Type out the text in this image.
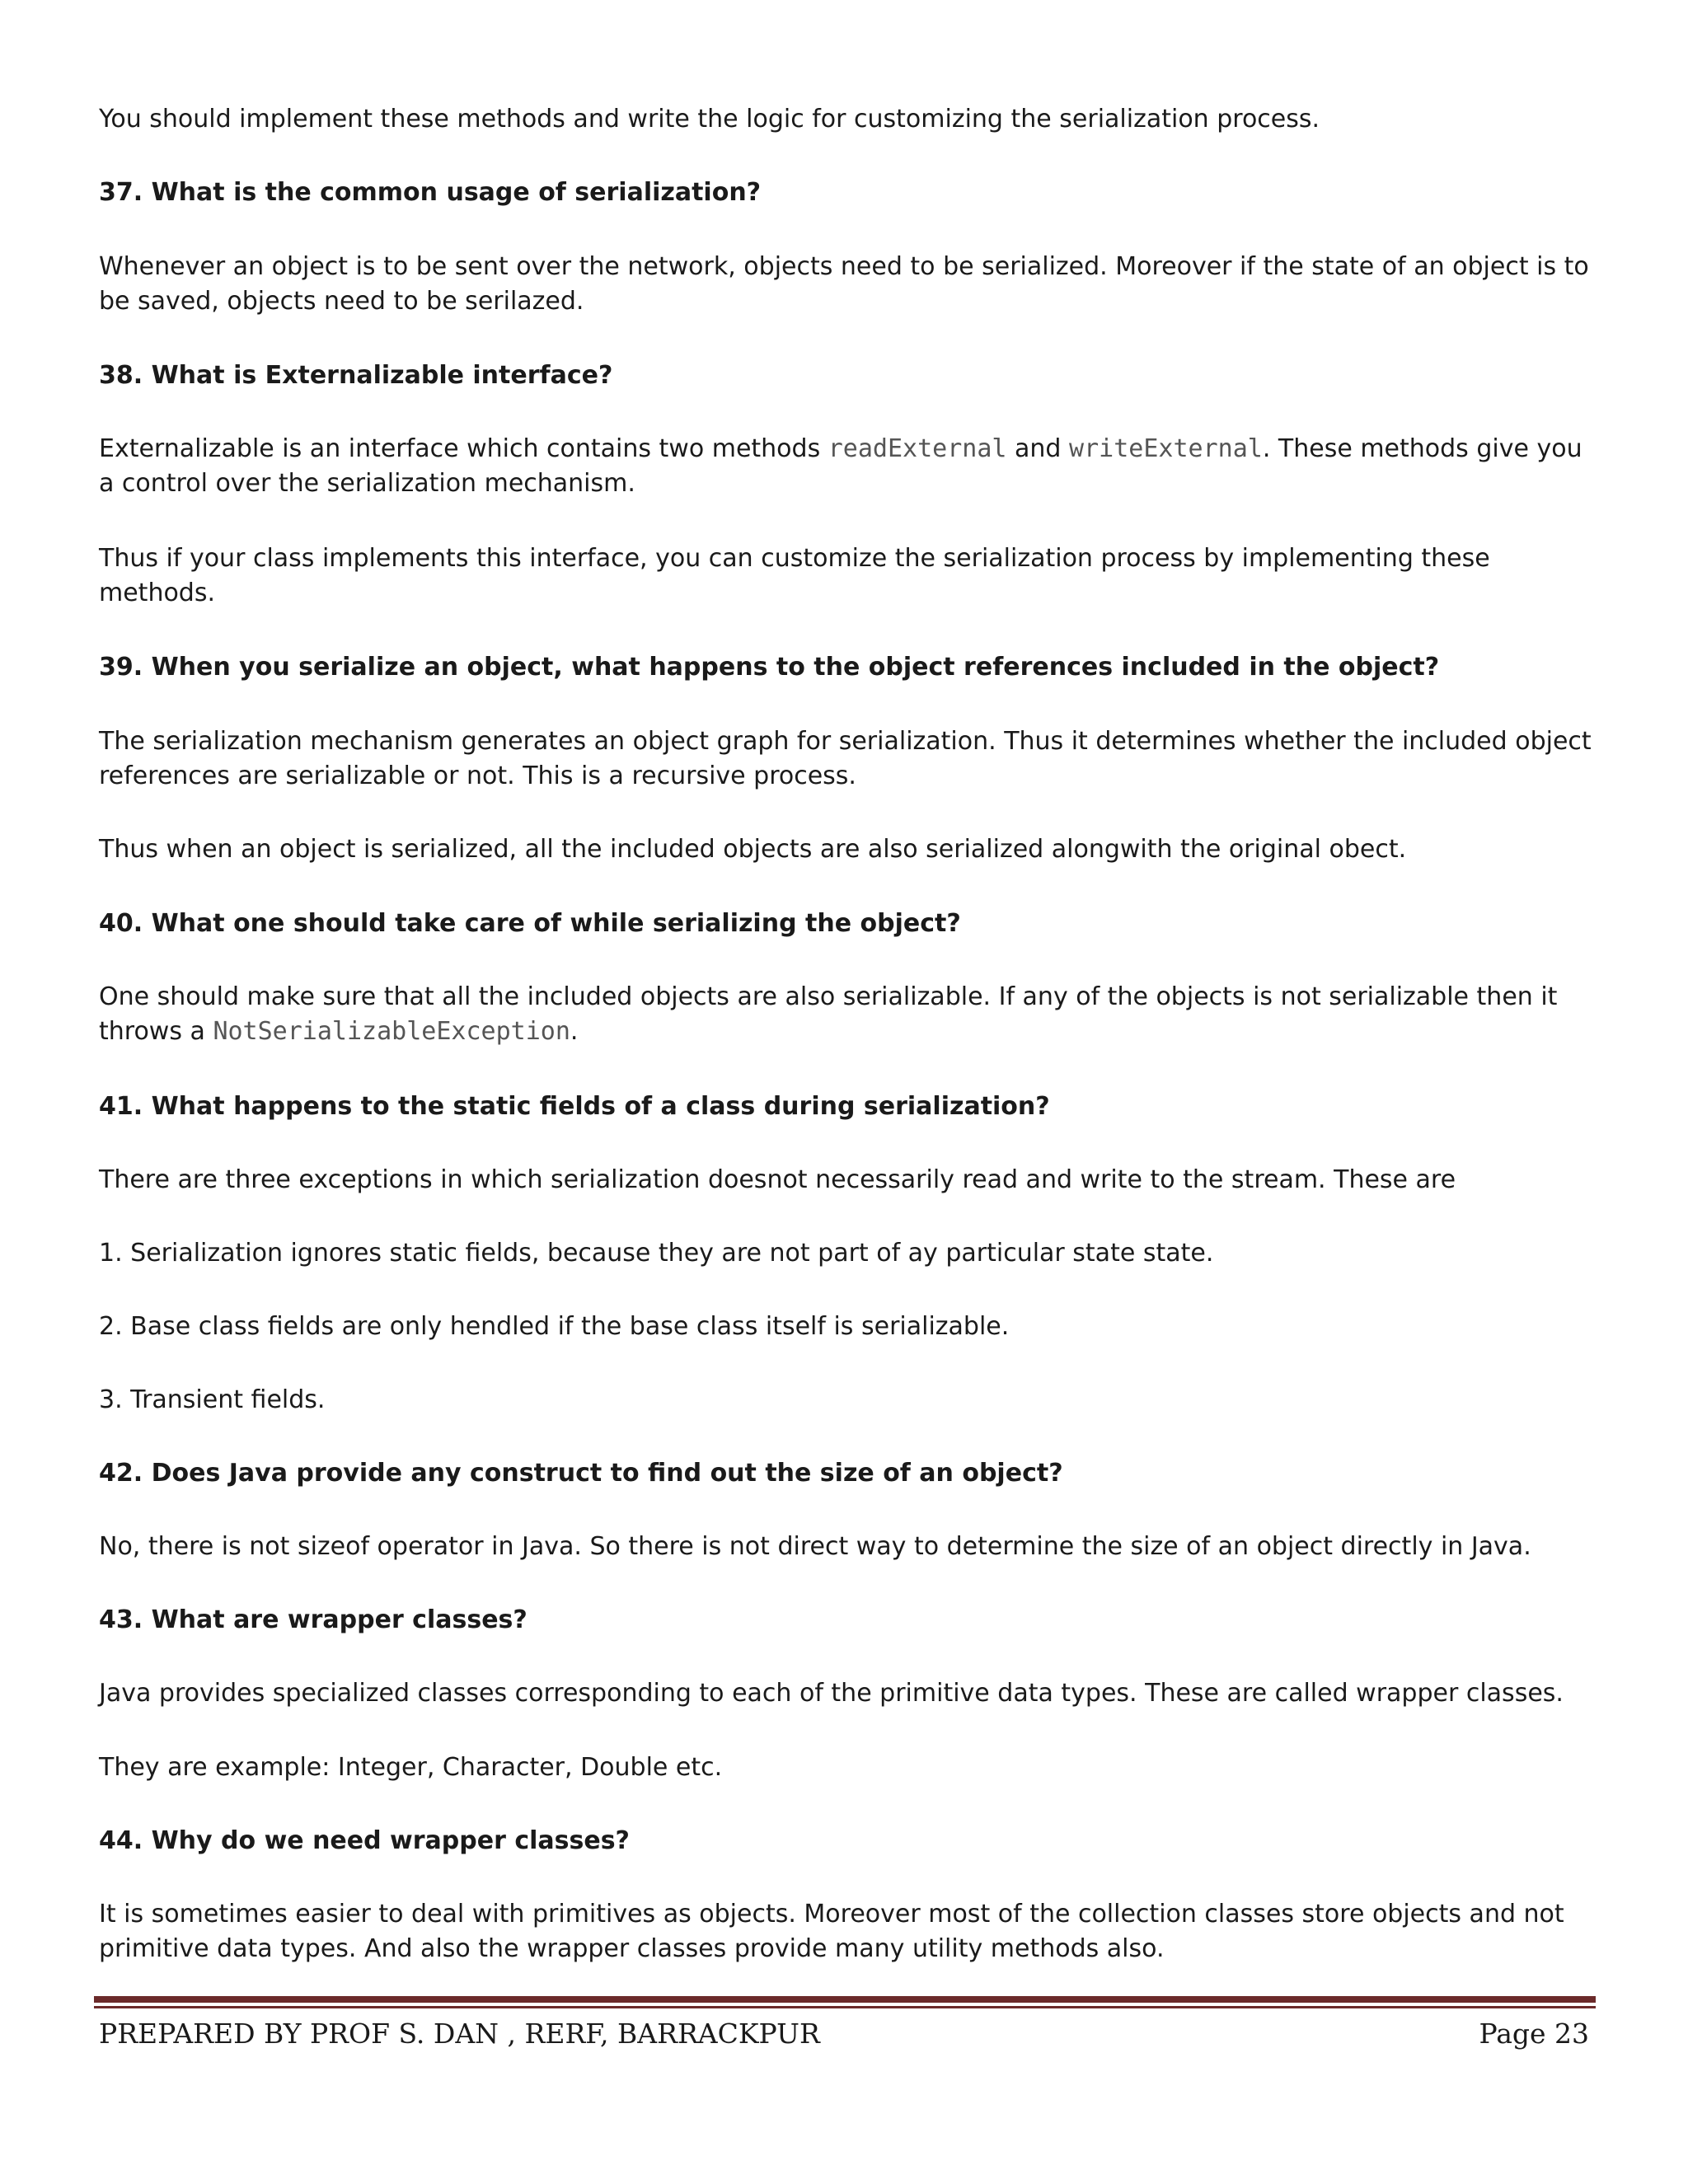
You should implement these methods and write the logic for customizing the serialization process.

37. What is the common usage of serialization?

Whenever an object is to be sent over the network, objects need to be serialized. Moreover if the state of an object is to be saved, objects need to be serilazed.

38. What is Externalizable interface?

Externalizable is an interface which contains two methods readExternal and writeExternal. These methods give you a control over the serialization mechanism.

Thus if your class implements this interface, you can customize the serialization process by implementing these methods.

39. When you serialize an object, what happens to the object references included in the object?

The serialization mechanism generates an object graph for serialization. Thus it determines whether the included object references are serializable or not. This is a recursive process.

Thus when an object is serialized, all the included objects are also serialized alongwith the original obect.

40. What one should take care of while serializing the object?

One should make sure that all the included objects are also serializable. If any of the objects is not serializable then it throws a NotSerializableException.

41. What happens to the static fields of a class during serialization?

There are three exceptions in which serialization doesnot necessarily read and write to the stream. These are

1. Serialization ignores static fields, because they are not part of ay particular state state.

2. Base class fields are only hendled if the base class itself is serializable.

3. Transient fields.

42. Does Java provide any construct to find out the size of an object?

No, there is not sizeof operator in Java. So there is not direct way to determine the size of an object directly in Java.

43. What are wrapper classes?

Java provides specialized classes corresponding to each of the primitive data types. These are called wrapper classes.

They are example: Integer, Character, Double etc.

44. Why do we need wrapper classes?

It is sometimes easier to deal with primitives as objects. Moreover most of the collection classes store objects and not primitive data types. And also the wrapper classes provide many utility methods also.

PREPARED BY PROF S. DAN , RERF, BARRACKPUR	Page 23
